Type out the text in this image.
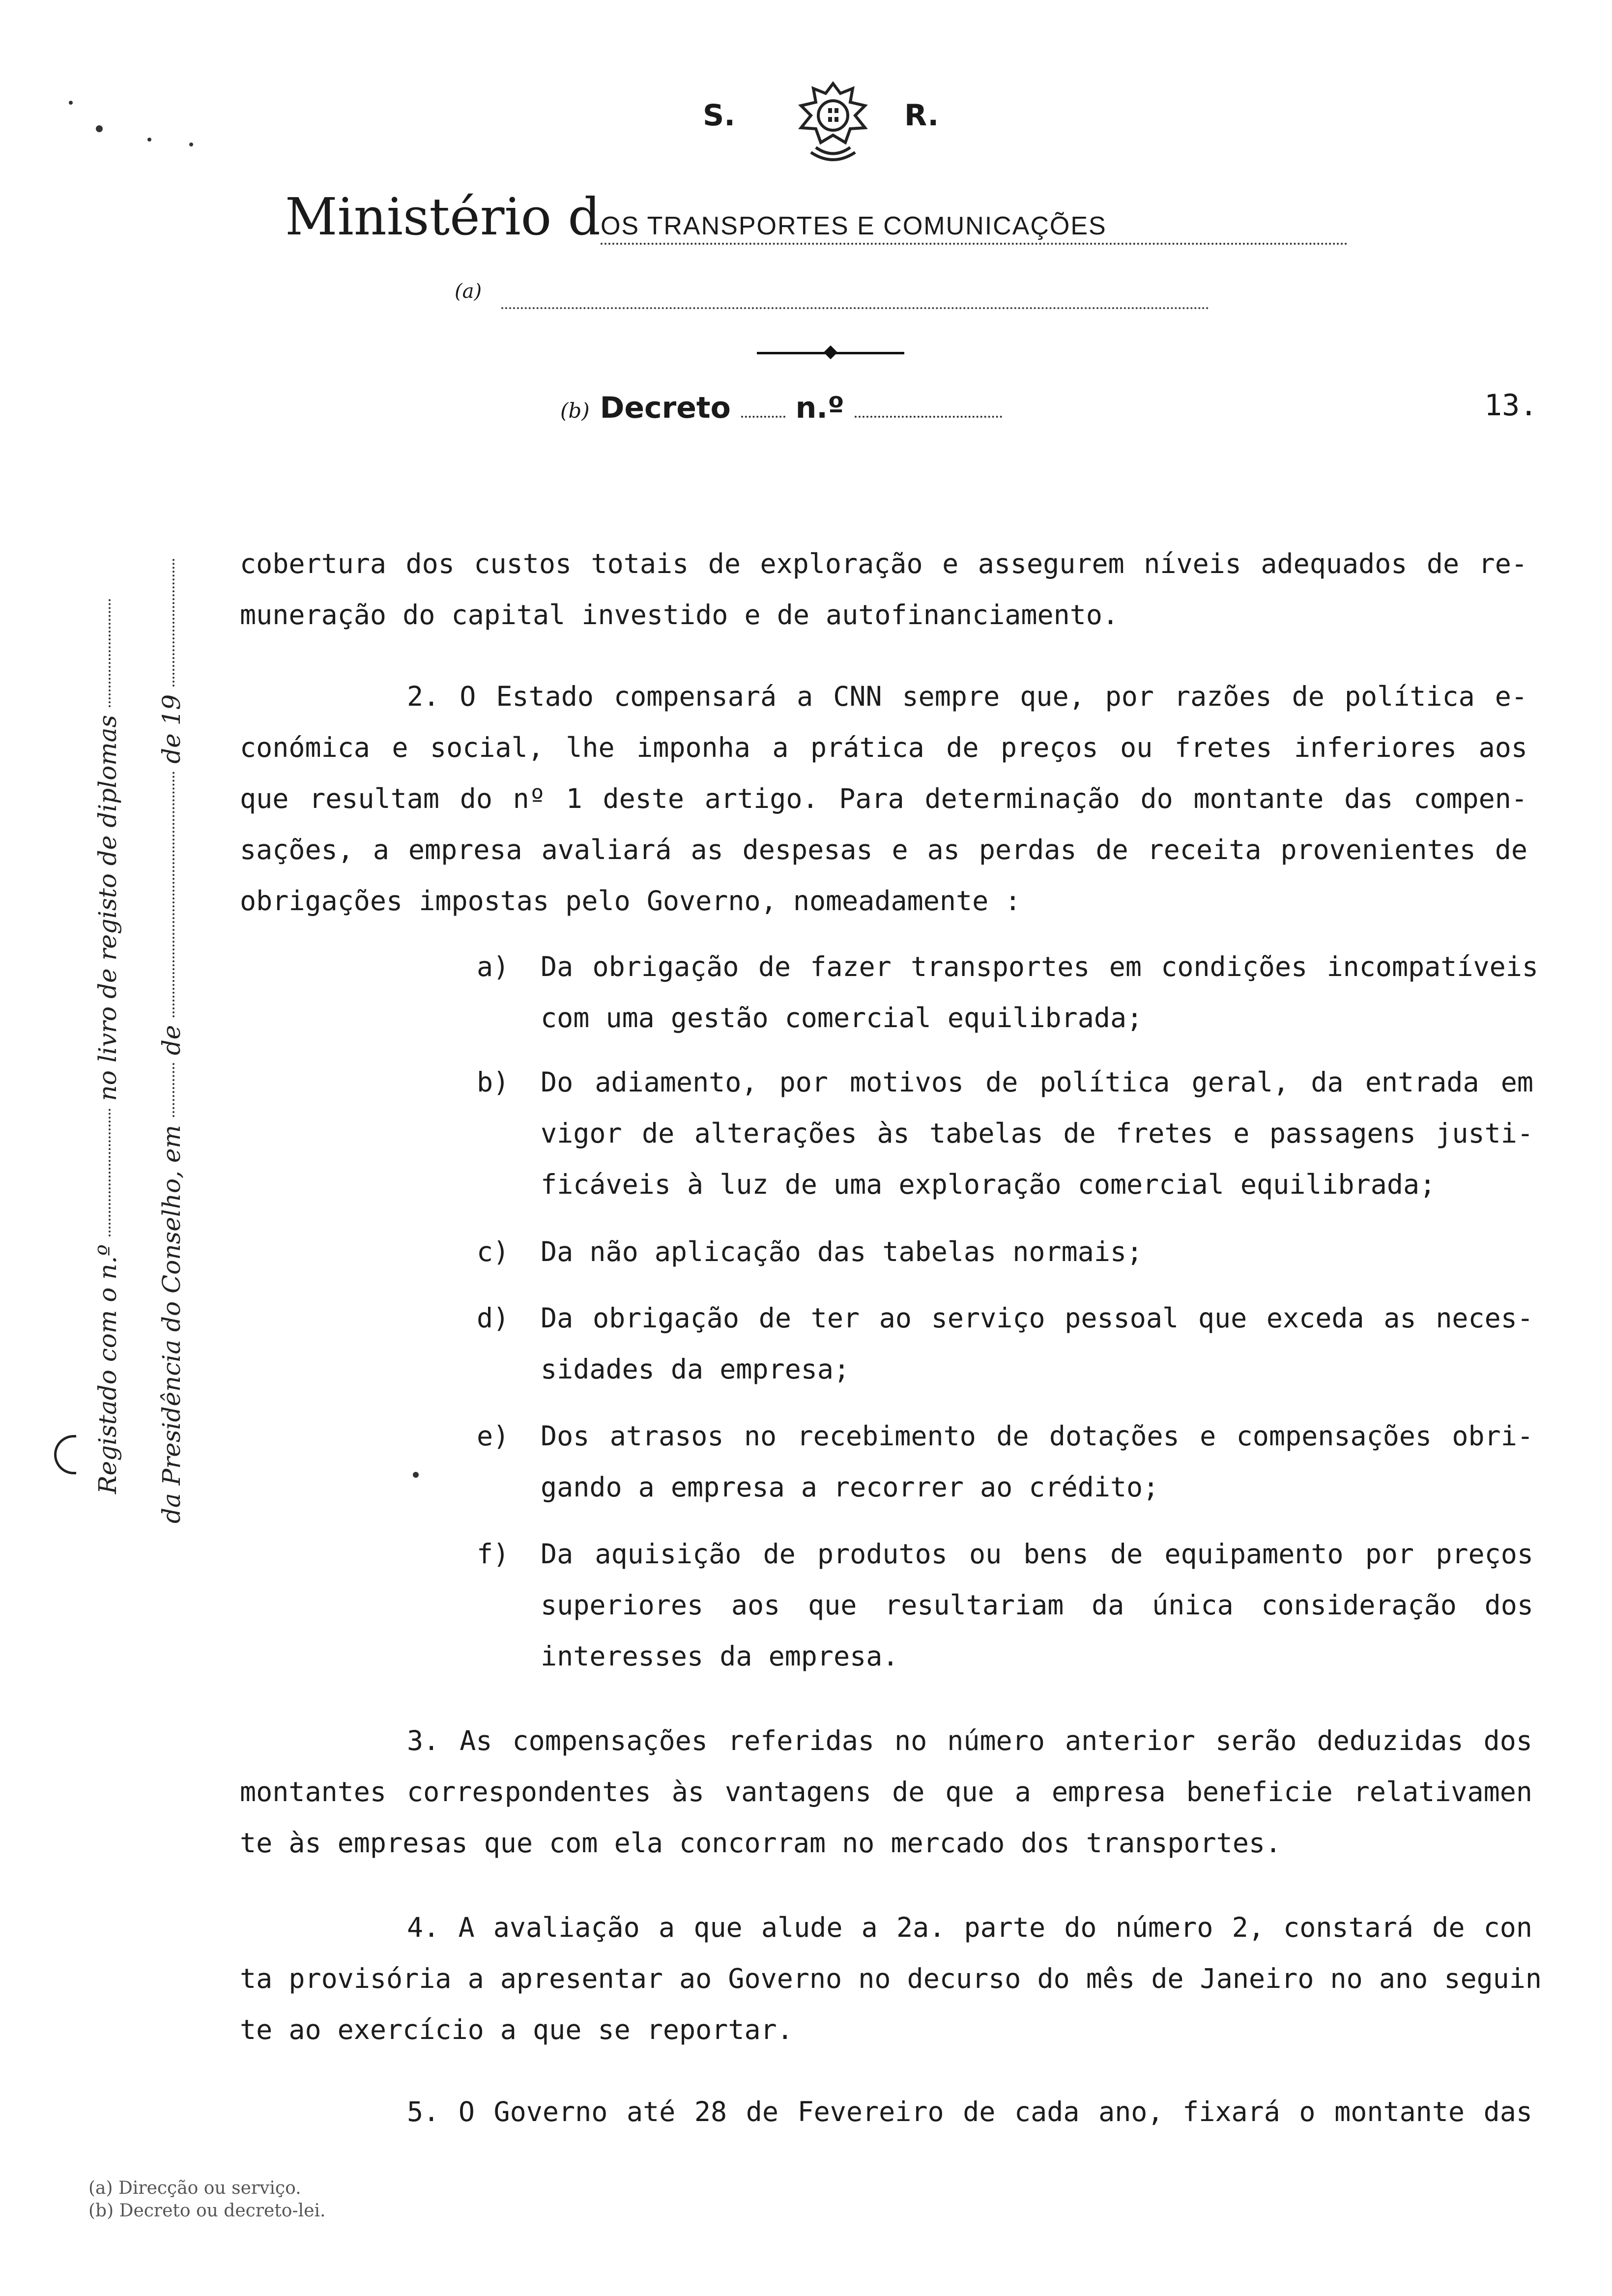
S.	R.
Ministério dOS TRANSPORTES E COMUNICAÇÕES
(a)
(b) Decreto n.º	13.
Registado com o n.º  no livro de registo de diplomas
da Presidência do Conselho, em  de  de 19
cobertura dos custos totais de exploração e assegurem níveis adequados de re-
muneração do capital investido e de autofinanciamento.
2. O Estado compensará a CNN sempre que, por razões de política e-
conómica e social, lhe imponha a prática de preços ou fretes inferiores aos
que resultam do nº 1 deste artigo. Para determinação do montante das compen-
sações, a empresa avaliará as despesas e as perdas de receita provenientes de
obrigações impostas pelo Governo, nomeadamente :
a) Da obrigação de fazer transportes em condições incompatíveis
com uma gestão comercial equilibrada;
b) Do adiamento, por motivos de política geral, da entrada em
vigor de alterações às tabelas de fretes e passagens justi-
ficáveis à luz de uma exploração comercial equilibrada;
c) Da não aplicação das tabelas normais;
d) Da obrigação de ter ao serviço pessoal que exceda as neces-
sidades da empresa;
e) Dos atrasos no recebimento de dotações e compensações obri-
gando a empresa a recorrer ao crédito;
f) Da aquisição de produtos ou bens de equipamento por preços
superiores aos que resultariam da única consideração dos
interesses da empresa.
3. As compensações referidas no número anterior serão deduzidas dos
montantes correspondentes às vantagens de que a empresa beneficie relativamen
te às empresas que com ela concorram no mercado dos transportes.
4. A avaliação a que alude a 2a. parte do número 2, constará de con
ta provisória a apresentar ao Governo no decurso do mês de Janeiro no ano seguin
te ao exercício a que se reportar.
5. O Governo até 28 de Fevereiro de cada ano, fixará o montante das
(a) Direcção ou serviço.
(b) Decreto ou decreto-lei.
